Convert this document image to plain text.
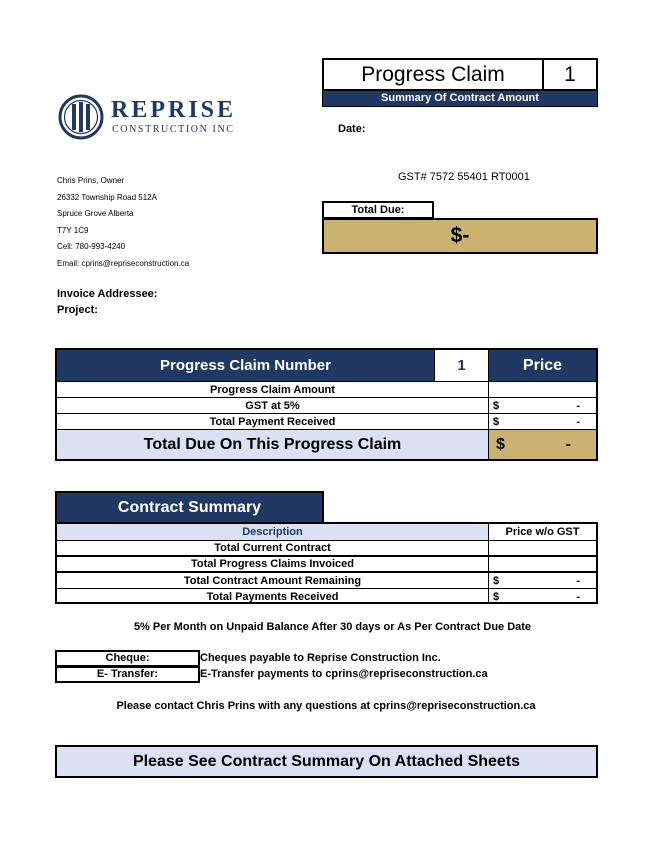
REPRISE
CONSTRUCTION INC
Progress Claim	1
Summary Of Contract Amount
Date:
GST# 7572 55401 RT0001
Chris Prins, Owner
26332 Township Road 512A
Spruce Grove Alberta
T7Y 1C9
Cell: 780-993-4240
Email: cprins@repriseconstruction.ca
Total Due:
$-
Invoice Addressee:
Project:
Progress Claim Number	1	Price
Progress Claim Amount
GST at 5%	$	-
Total Payment Received	$	-
Total Due On This Progress Claim	$	-
Contract Summary
Description	Price w/o GST
Total Current Contract
Total Progress Claims Invoiced
Total Contract Amount Remaining	$	-
Total Payments Received	$	-
5% Per Month on Unpaid Balance After 30 days or As Per Contract Due Date
Cheque:	Cheques payable to Reprise Construction Inc.
E- Transfer:	E-Transfer payments to cprins@repriseconstruction.ca
Please contact Chris Prins with any questions at cprins@repriseconstruction.ca
Please See Contract Summary On Attached Sheets
